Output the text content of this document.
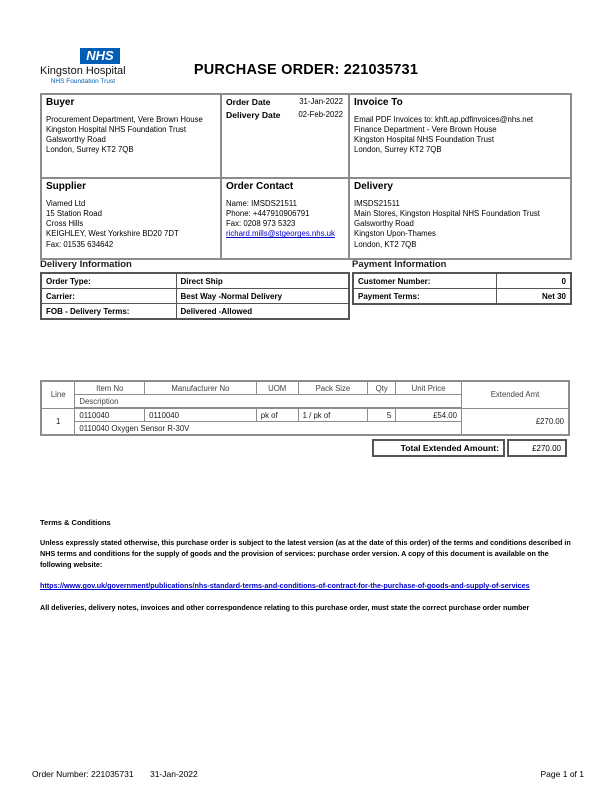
NHS
Kingston Hospital
NHS Foundation Trust
PURCHASE ORDER: 221035731
Buyer
Procurement Department, Vere Brown House
Kingston Hospital NHS Foundation Trust
Galsworthy Road
London, Surrey KT2 7QB
Order Date	31-Jan-2022
Delivery Date 02-Feb-2022
Invoice To
Email PDF Invoices to: khft.ap.pdfinvoices@nhs.net
Finance Department - Vere Brown House
Kingston Hospital NHS Foundation Trust
London, Surrey KT2 7QB
Supplier
Viamed Ltd
15 Station Road
Cross Hills
KEIGHLEY, West Yorkshire BD20 7DT
Fax: 01535 634642
Order Contact
Name: IMSDS21511
Phone: +447910906791
Fax: 0208 973 5323
richard.mills@stgeorges.nhs.uk
Delivery
IMSDS21511
Main Stores, Kingston Hospital NHS Foundation Trust
Galsworthy Road
Kingston Upon-Thames
London, KT2 7QB
Delivery Information
Order Type:	Direct Ship
Carrier:	Best Way -Normal Delivery
FOB - Delivery Terms:	Delivered -Allowed
Payment Information
Customer Number:	0
Payment Terms:	Net 30
Line	Item No	Manufacturer No	UOM	Pack Size	Qty	Unit Price	Extended Amt
	Description						
1	0110040	0110040	pk of	1 / pk of	5	£54.00	£270.00
	0110040 Oxygen Sensor R-30V						
Total Extended Amount:	£270.00
Terms & Conditions
Unless expressly stated otherwise, this purchase order is subject to the latest version (as at the date of this order) of the terms and conditions described in NHS terms and conditions for the supply of goods and the provision of services: purchase order version. A copy of this document is available on the following website:
https://www.gov.uk/government/publications/nhs-standard-terms-and-conditions-of-contract-for-the-purchase-of-goods-and-supply-of-services
All deliveries, delivery notes, invoices and other correspondence relating to this purchase order, must state the correct purchase order number
Order Number: 221035731 31-Jan-2022	Page 1 of 1
